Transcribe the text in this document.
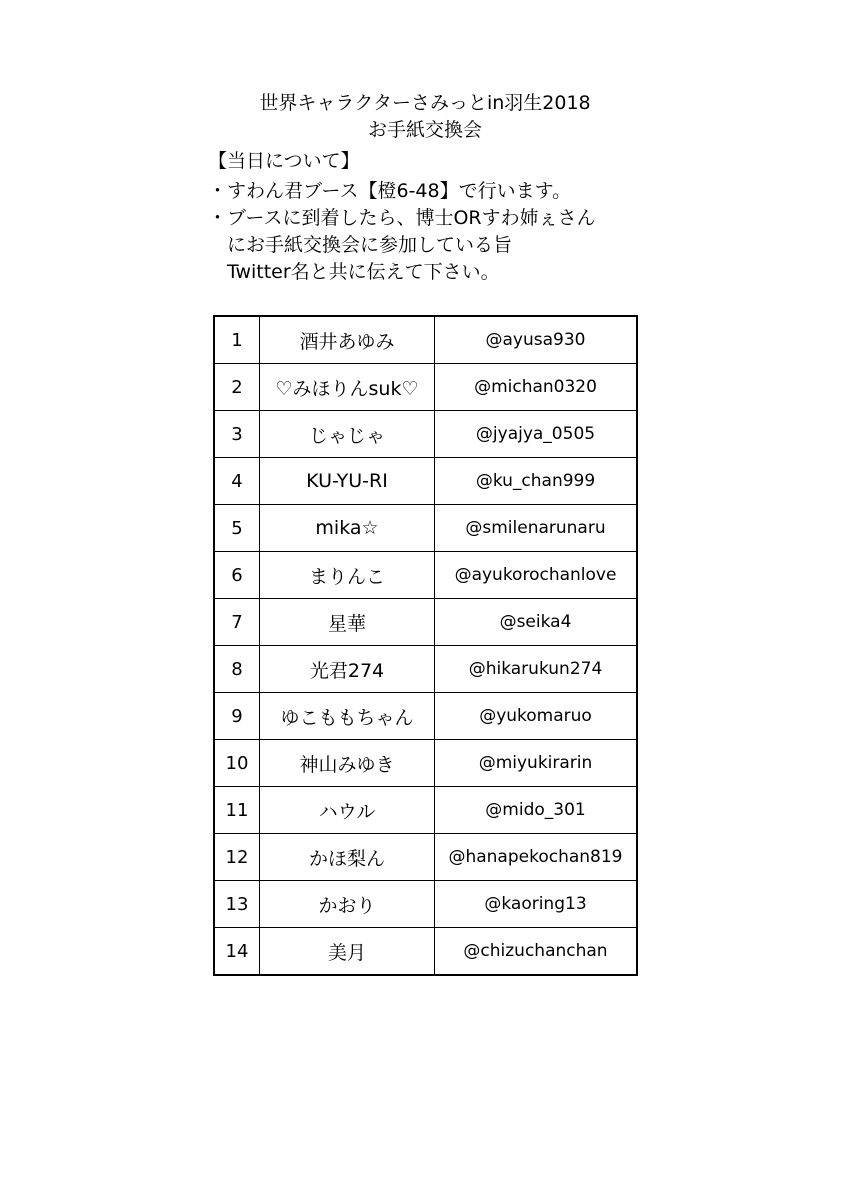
世界キャラクターさみっとin羽生2018
お手紙交換会

【当日について】

・すわん君ブース【橙6-48】で行います。
・ブースに到着したら、博士ORすわ姉ぇさん
　にお手紙交換会に参加している旨
　Twitter名と共に伝えて下さい。
1	酒井あゆみ	@ayusa930
2	♡みほりんsuk♡	@michan0320
3	じゃじゃ	@jyajya_0505
4	KU-YU-RI	@ku_chan999
5	mika☆	@smilenarunaru
6	まりんこ	@ayukorochanlove
7	星華	@seika4
8	光君274	@hikarukun274
9	ゆこももちゃん	@yukomaruo
10	神山みゆき	@miyukirarin
11	ハウル	@mido_301
12	かほ梨ん	@hanapekochan819
13	かおり	@kaoring13
14	美月	@chizuchanchan
